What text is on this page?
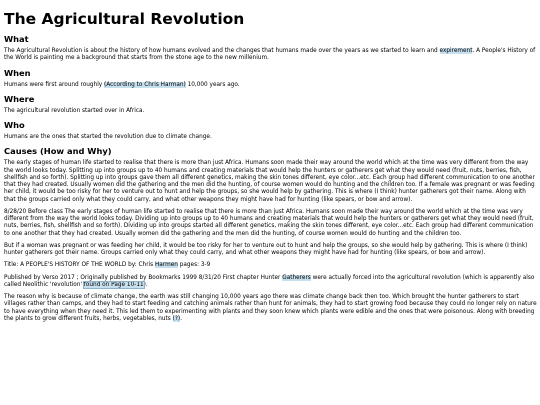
The Agricultural Revolution
What

The Agricultural Revolution is about the history of how humans evolved and the changes that humans made over the years as we started to learn and expirement. A People's History of the World is painting me a background that starts from the stone age to the new millenium.

When

Humans were first around roughly (According to Chris Harman) 10,000 years ago.

Where

The agricultural revolution started over in Africa.

Who

Humans are the ones that started the revolution due to climate change.

Causes (How and Why)

The early stages of human life started to realise that there is more than just Africa. Humans soon made their way around the world which at the time was very different from the way the world looks today. Splitting up into groups up to 40 humans and creating materials that would help the hunters or gatherers get what they would need (fruit, nuts, berries, fish, shellfish and so forth). Splitting up into groups gave them all different genetics, making the skin tones different, eye color...etc. Each group had different communication to one another that they had created. Usually women did the gathering and the men did the hunting, of course women would do hunting and the children too. If a female was pregnant or was feeding her child, it would be too risky for her to venture out to hunt and help the groups, so she would help by gathering. This is where (I think) hunter gatherers got their name. Along with that the groups carried only what they could carry, and what other weapons they might have had for hunting (like spears, or bow and arrow).

8/28/20 Before class The early stages of human life started to realise that there is more than just Africa. Humans soon made their way around the world which at the time was very different from the way the world looks today. Dividing up into groups up to 40 humans and creating materials that would help the hunters or gatherers get what they would need (fruit, nuts, berries, fish, shellfish and so forth). Dividing up into groups started all different genetics, making the skin tones different, eye color...etc. Each group had different communication to one another that they had created. Usually women did the gathering and the men did the hunting, of course women would do hunting and the children too.

But if a woman was pregnant or was feeding her child, it would be too risky for her to venture out to hunt and help the groups, so she would help by gathering. This is where (I think) hunter gatherers got their name. Groups carried only what they could carry, and what other weapons they might have had for hunting (like spears, or bow and arrow).

Title: A PEOPLE'S HISTORY OF THE WORLD by: Chris Harmen pages: 3-9

Published by Verso 2017 ; Originally published by Bookmarks 1999 8/31/20 First chapter Hunter Gatherers were actually forced into the agricultural revolution (which is apparently also called Neolithic 'revolution' found on Page 10-11).

The reason why is because of climate change, the earth was still changing 10,000 years ago there was climate change back then too. Which brought the hunter gatherers to start villages rather than camps, and they had to start feeding and catching animals rather than hunt for animals, they had to start growing food because they could no longer rely on nature to have everything when they need it. This led them to experimenting with plants and they soon knew which plants were edible and the ones that were poisonous. Along with breeding the plants to grow different fruits, herbs, vegetables, nuts (?).
